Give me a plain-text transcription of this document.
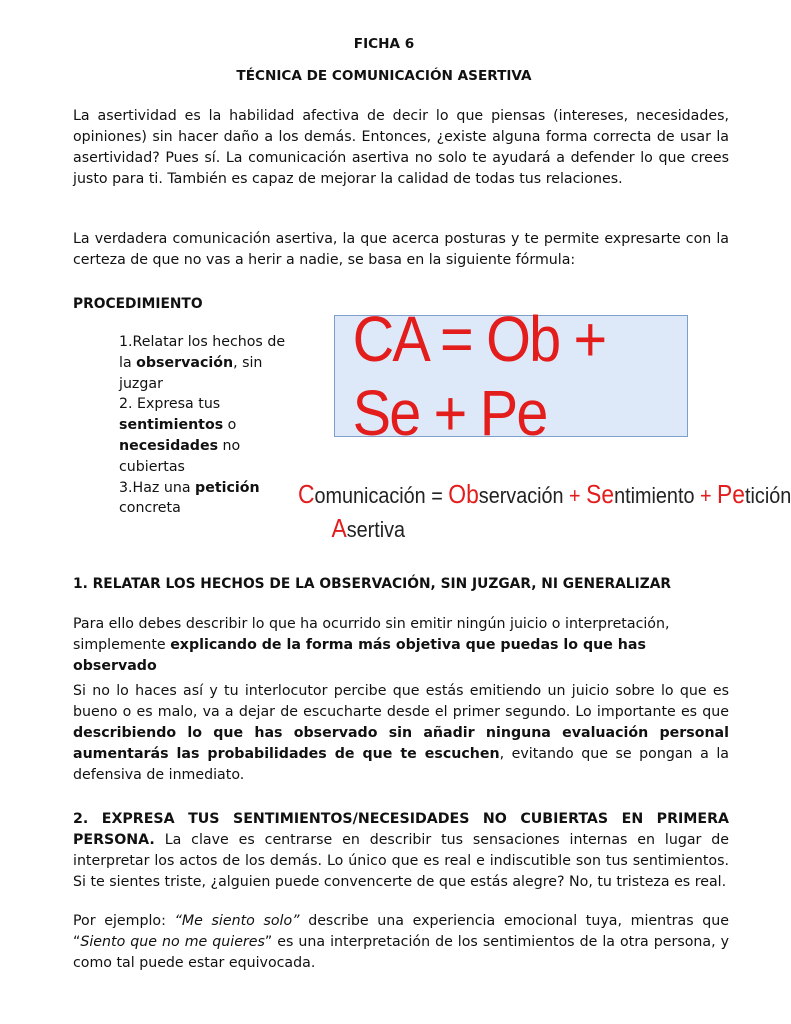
FICHA 6
TÉCNICA DE COMUNICACIÓN ASERTIVA
La asertividad es la habilidad afectiva de decir lo que piensas (intereses, necesidades, opiniones) sin hacer daño a los demás. Entonces, ¿existe alguna forma correcta de usar la asertividad? Pues sí. La comunicación asertiva no solo te ayudará a defender lo que crees justo para ti. También es capaz de mejorar la calidad de todas tus relaciones.
La verdadera comunicación asertiva, la que acerca posturas y te permite expresarte con la certeza de que no vas a herir a nadie, se basa en la siguiente fórmula:
PROCEDIMIENTO
1.Relatar los hechos de la observación, sin juzgar
2. Expresa tus sentimientos o necesidades no cubiertas
3.Haz una petición concreta
CA = Ob + Se + Pe
Comunicación = Observación + Sentimiento + Petición
Asertiva
1. RELATAR LOS HECHOS DE LA OBSERVACIÓN, SIN JUZGAR, NI GENERALIZAR
Para ello debes describir lo que ha ocurrido sin emitir ningún juicio o interpretación, simplemente explicando de la forma más objetiva que puedas lo que has observado
Si no lo haces así y tu interlocutor percibe que estás emitiendo un juicio sobre lo que es bueno o es malo, va a dejar de escucharte desde el primer segundo. Lo importante es que describiendo lo que has observado sin añadir ninguna evaluación personal aumentarás las probabilidades de que te escuchen, evitando que se pongan a la defensiva de inmediato.
2. EXPRESA TUS SENTIMIENTOS/NECESIDADES NO CUBIERTAS EN PRIMERA PERSONA. La clave es centrarse en describir tus sensaciones internas en lugar de interpretar los actos de los demás. Lo único que es real e indiscutible son tus sentimientos. Si te sientes triste, ¿alguien puede convencerte de que estás alegre? No, tu tristeza es real.
Por ejemplo: “Me siento solo” describe una experiencia emocional tuya, mientras que “Siento que no me quieres” es una interpretación de los sentimientos de la otra persona, y como tal puede estar equivocada.
